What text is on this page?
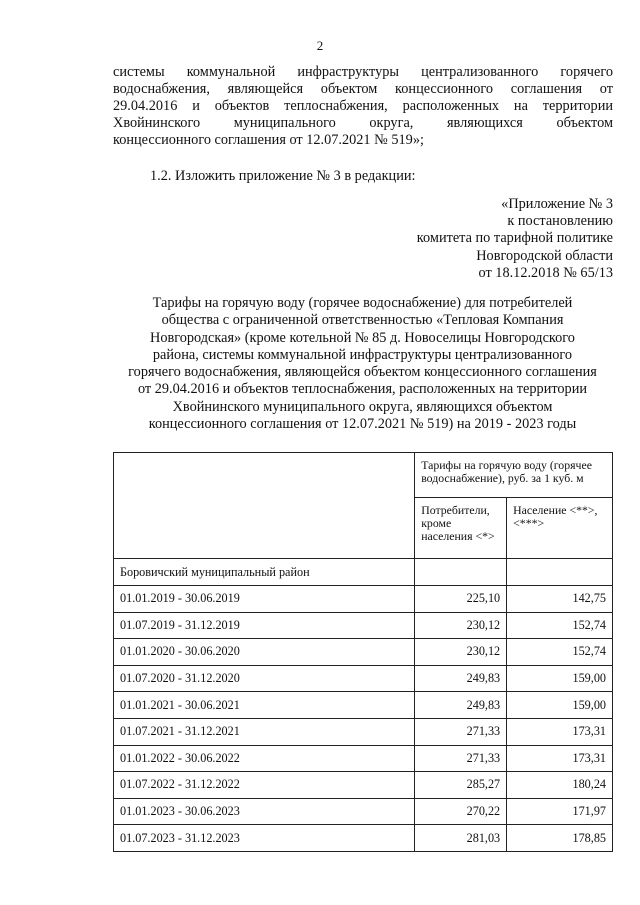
2
системы коммунальной инфраструктуры централизованного горячего
водоснабжения, являющейся объектом концессионного соглашения от
29.04.2016 и объектов теплоснабжения, расположенных на территории
Хвойнинского муниципального округа, являющихся объектом
концессионного соглашения от 12.07.2021 № 519»;
1.2. Изложить приложение № 3 в редакции:
«Приложение № 3
к постановлению
комитета по тарифной политике
Новгородской области
от 18.12.2018 № 65/13
Тарифы на горячую воду (горячее водоснабжение) для потребителей
общества с ограниченной ответственностью «Тепловая Компания
Новгородская» (кроме котельной № 85 д. Новоселицы Новгородского
района, системы коммунальной инфраструктуры централизованного
горячего водоснабжения, являющейся объектом концессионного соглашения
от 29.04.2016 и объектов теплоснабжения, расположенных на территории
Хвойнинского муниципального округа, являющихся объектом
концессионного соглашения от 12.07.2021 № 519) на 2019 - 2023 годы
	Тарифы на горячую воду (горячее водоснабжение), руб. за 1 куб. м	
	Потребители, кроме населения <*>	Население <**>, <***>
Боровичский муниципальный район		
01.01.2019 - 30.06.2019	225,10	142,75
01.07.2019 - 31.12.2019	230,12	152,74
01.01.2020 - 30.06.2020	230,12	152,74
01.07.2020 - 31.12.2020	249,83	159,00
01.01.2021 - 30.06.2021	249,83	159,00
01.07.2021 - 31.12.2021	271,33	173,31
01.01.2022 - 30.06.2022	271,33	173,31
01.07.2022 - 31.12.2022	285,27	180,24
01.01.2023 - 30.06.2023	270,22	171,97
01.07.2023 - 31.12.2023	281,03	178,85
